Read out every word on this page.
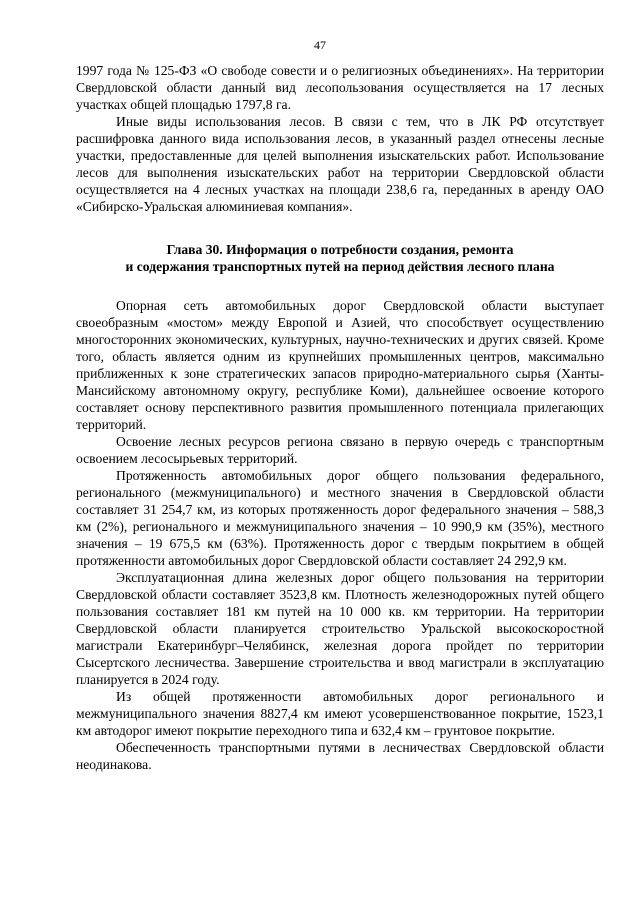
47

1997 года № 125-ФЗ «О свободе совести и о религиозных объединениях». На территории Свердловской области данный вид лесопользования осуществляется на 17 лесных участках общей площадью 1797,8 га.

Иные виды использования лесов. В связи с тем, что в ЛК РФ отсутствует расшифровка данного вида использования лесов, в указанный раздел отнесены лесные участки, предоставленные для целей выполнения изыскательских работ. Использование лесов для выполнения изыскательских работ на территории Свердловской области осуществляется на 4 лесных участках на площади 238,6 га, переданных в аренду ОАО «Сибирско-Уральская алюминиевая компания».

Глава 30. Информация о потребности создания, ремонта
и содержания транспортных путей на период действия лесного плана

Опорная сеть автомобильных дорог Свердловской области выступает своеобразным «мостом» между Европой и Азией, что способствует осуществлению многосторонних экономических, культурных, научно-технических и других связей. Кроме того, область является одним из крупнейших промышленных центров, максимально приближенных к зоне стратегических запасов природно-материального сырья (Ханты-Мансийскому автономному округу, республике Коми), дальнейшее освоение которого составляет основу перспективного развития промышленного потенциала прилегающих территорий.

Освоение лесных ресурсов региона связано в первую очередь с транспортным освоением лесосырьевых территорий.

Протяженность автомобильных дорог общего пользования федерального, регионального (межмуниципального) и местного значения в Свердловской области составляет 31 254,7 км, из которых протяженность дорог федерального значения – 588,3 км (2%), регионального и межмуниципального значения – 10 990,9 км (35%), местного значения – 19 675,5 км (63%). Протяженность дорог с твердым покрытием в общей протяженности автомобильных дорог Свердловской области составляет 24 292,9 км.

Эксплуатационная длина железных дорог общего пользования на территории Свердловской области составляет 3523,8 км. Плотность железнодорожных путей общего пользования составляет 181 км путей на 10 000 кв. км территории. На территории Свердловской области планируется строительство Уральской высокоскоростной магистрали Екатеринбург–Челябинск, железная дорога пройдет по территории Сысертского лесничества. Завершение строительства и ввод магистрали в эксплуатацию планируется в 2024 году.

Из общей протяженности автомобильных дорог регионального и межмуниципального значения 8827,4 км имеют усовершенствованное покрытие, 1523,1 км автодорог имеют покрытие переходного типа и 632,4 км – грунтовое покрытие.

Обеспеченность транспортными путями в лесничествах Свердловской области неодинакова.
